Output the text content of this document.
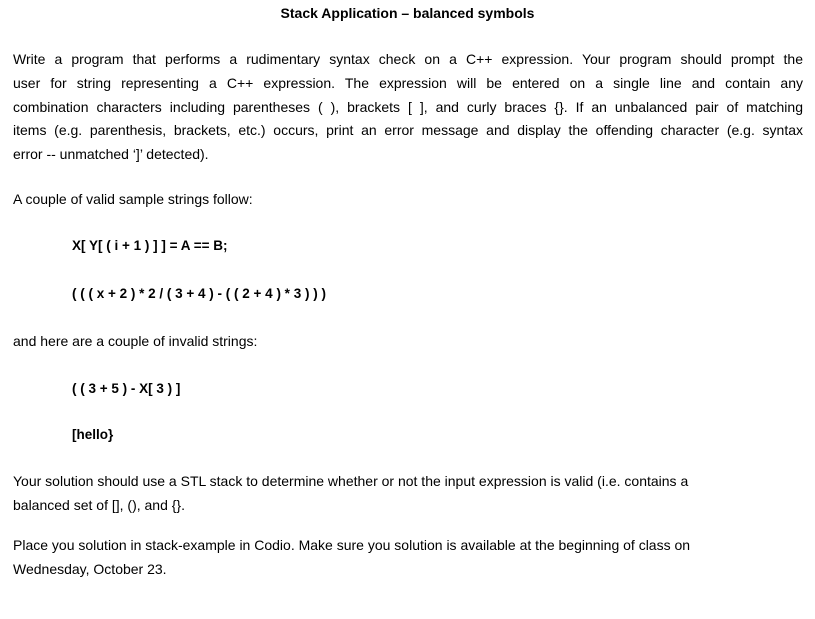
Stack Application – balanced symbols
Write a program that performs a rudimentary syntax check on a C++ expression. Your program should prompt the
user for string representing a C++ expression. The expression will be entered on a single line and contain any
combination characters including parentheses ( ), brackets [ ], and curly braces {}. If an unbalanced pair of matching
items (e.g. parenthesis, brackets, etc.) occurs, print an error message and display the offending character (e.g. syntax
error -- unmatched ‘]’ detected).
A couple of valid sample strings follow:
X[ Y[ ( i + 1 ) ] ] = A == B;
( ( ( x + 2 ) * 2 / ( 3 + 4 ) - ( ( 2 + 4 ) * 3 ) ) )
and here are a couple of invalid strings:
( ( 3 + 5 ) - X[ 3 ) ]
[hello}
Your solution should use a STL stack to determine whether or not the input expression is valid (i.e. contains a
balanced set of [], (), and {}.
Place you solution in stack-example in Codio. Make sure you solution is available at the beginning of class on
Wednesday, October 23.
